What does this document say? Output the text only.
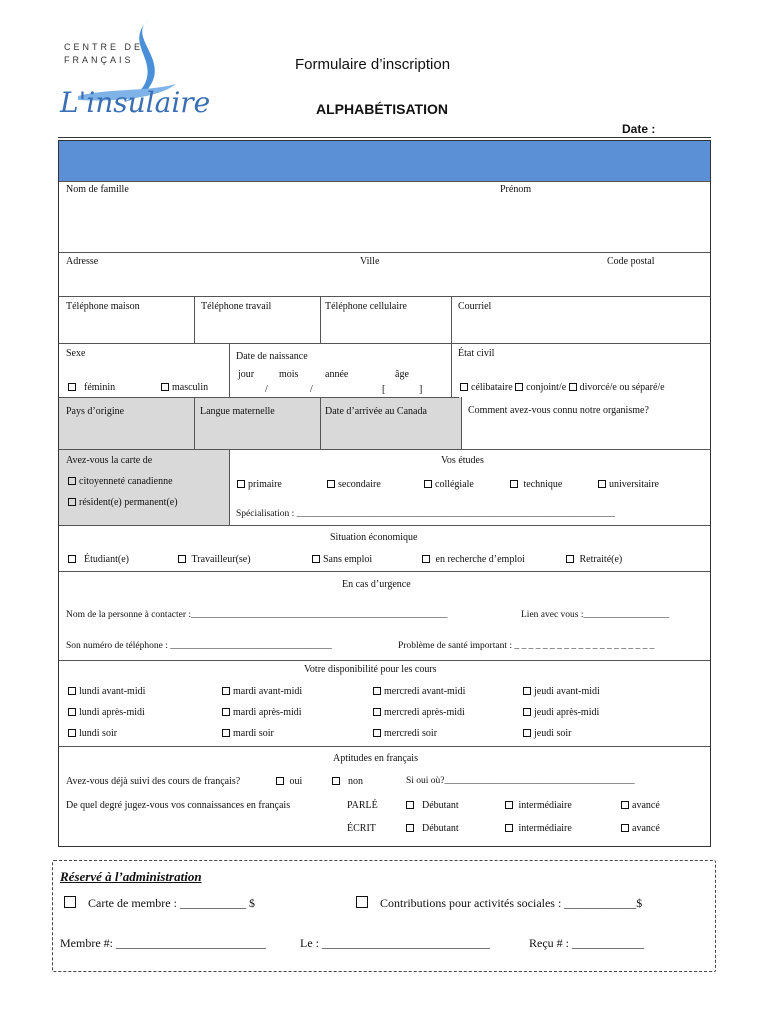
CENTRE DE
FRANÇAIS
L'insulaire
Formulaire d’inscription
ALPHABÉTISATION
Date :
Nom de famille	Prénom
Adresse	Ville	Code postal
Téléphone maison	Téléphone travail	Téléphone cellulaire	Courriel
Sexe
féminin	masculin
Date de naissance
jour mois	année	âge
/	/	[	]
État civil
célibataire conjoint/e divorcé/e ou séparé/e
Pays d’origine	Langue maternelle	Date d’arrivée au Canada	Comment avez-vous connu notre organisme?
Avez-vous la carte de
citoyenneté canadienne
résident(e) permanent(e)
Vos études
primaire	secondaire	collégiale	technique	universitaire
Spécialisation : ___________________________________________________________________
Situation économique
Étudiant(e)	Travailleur(se)	Sans emploi	en recherche d’emploi	Retraité(e)
En cas d’urgence
Nom de la personne à contacter :______________________________________________________	Lien avec vous :__________________
Son numéro de téléphone : __________________________________	Problème de santé important : _ _ _ _ _ _ _ _ _ _ _ _ _ _ _ _ _ _ _ _
Votre disponibilité pour les cours
lundi avant-midi	mardi avant-midi	mercredi avant-midi	jeudi avant-midi
lundi après-midi	mardi après-midi	mercredi après-midi	jeudi après-midi
lundi soir	mardi soir	mercredi soir	jeudi soir
Aptitudes en français
Avez-vous déjà suivi des cours de français?	oui	non	Si oui où?________________________________________
De quel degré jugez-vous vos connaissances en français	PARLÉ	Débutant	intermédiaire	avancé
ÉCRIT	Débutant	intermédiaire	avancé
Réservé à l’administration
Carte de membre : ___________ $	Contributions pour activités sociales : ____________$
Membre #: _________________________	Le : ____________________________	Reçu # : ____________
